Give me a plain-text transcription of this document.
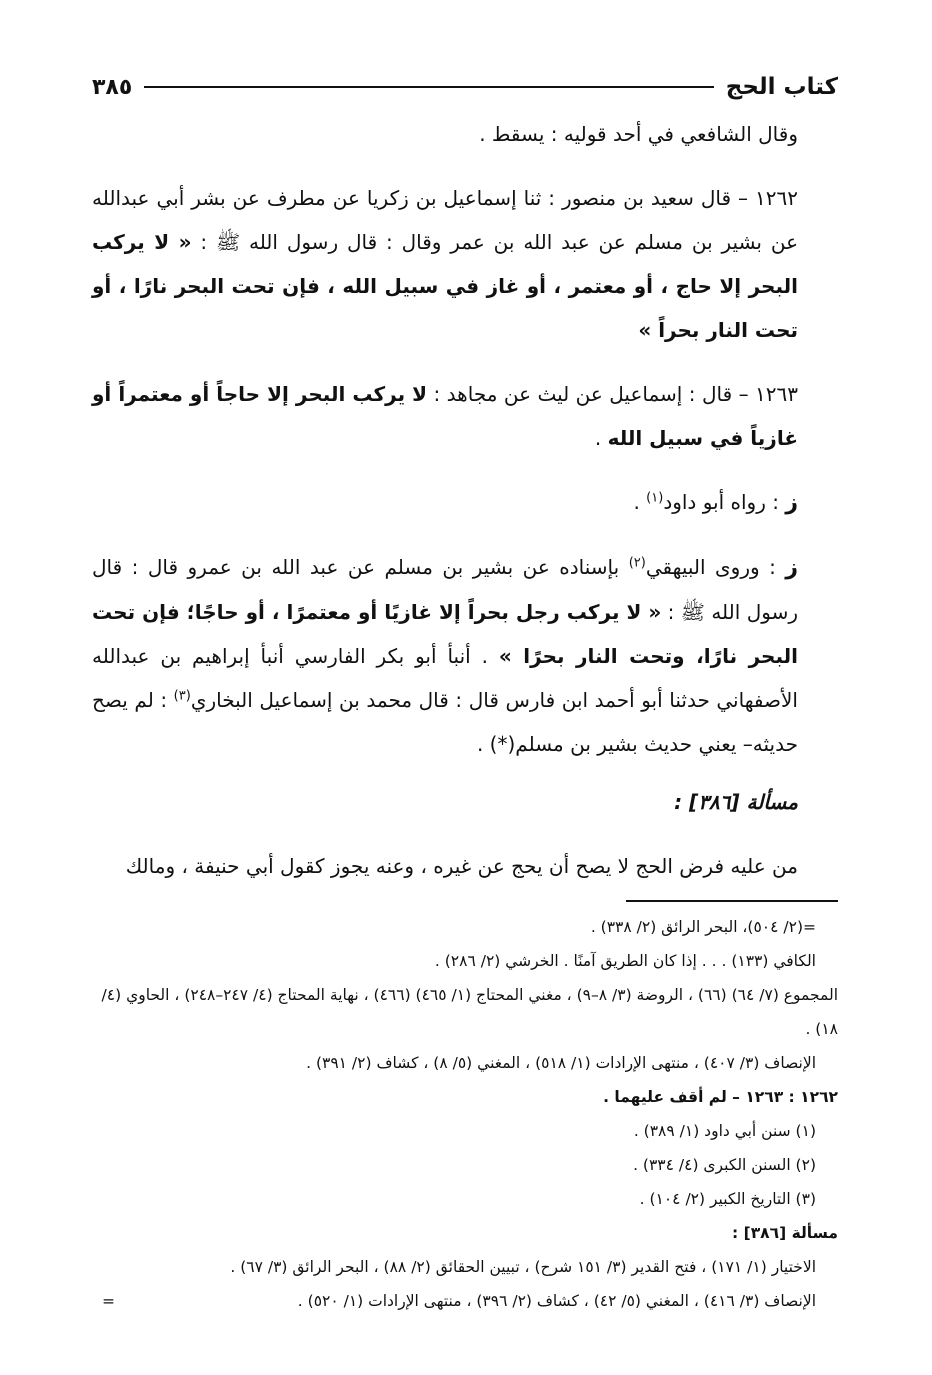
كتاب الحج
٣٨٥

وقال الشافعي في أحد قوليه : يسقط .

١٢٦٢ – قال سعيد بن منصور : ثنا إسماعيل بن زكريا عن مطرف عن بشر أبي عبدالله عن بشير بن مسلم عن عبد الله بن عمر وقال : قال رسول الله ﷺ : « لا يركب البحر إلا حاج ، أو معتمر ، أو غاز في سبيل الله ، فإن تحت البحر نارًا ، أو تحت النار بحراً »

١٢٦٣ – قال : إسماعيل عن ليث عن مجاهد : لا يركب البحر إلا حاجاً أو معتمراً أو غازياً في سبيل الله .

ز : رواه أبو داود$^{(١)}$ .

ز : وروى البيهقي$^{(٢)}$ بإسناده عن بشير بن مسلم عن عبد الله بن عمرو قال : قال رسول الله ﷺ : « لا يركب رجل بحراً إلا غازيًا أو معتمرًا ، أو حاجًا؛ فإن تحت البحر نارًا، وتحت النار بحرًا » . أنبأ أبو بكر الفارسي أنبأ إبراهيم بن عبدالله الأصفهاني حدثنا أبو أحمد ابن فارس قال : قال محمد بن إسماعيل البخاري$^{(٣)}$ : لم يصح حديثه– يعني حديث بشير بن مسلم(*) .

مسألة [٣٨٦] :

من عليه فرض الحج لا يصح أن يحج عن غيره ، وعنه يجوز كقول أبي حنيفة ، ومالك

=(٢/ ٥٠٤)، البحر الرائق (٢/ ٣٣٨) .

الكافي (١٣٣) . . . إذا كان الطريق آمنًا . الخرشي (٢/ ٢٨٦) .

المجموع (٧/ ٦٤) (٦٦) ، الروضة (٣/ ٨–٩) ، مغني المحتاج (١/ ٤٦٥) (٤٦٦) ، نهاية المحتاج (٤/ ٢٤٧–٢٤٨) ، الحاوي (٤/ ١٨) .

الإنصاف (٣/ ٤٠٧) ، منتهى الإرادات (١/ ٥١٨) ، المغني (٥/ ٨) ، كشاف (٢/ ٣٩١) .

١٢٦٢ : ١٢٦٣ – لم أقف عليهما .

(١) سنن أبي داود (١/ ٣٨٩) .

(٢) السنن الكبرى (٤/ ٣٣٤) .

(٣) التاريخ الكبير (٢/ ١٠٤) .

مسألة [٣٨٦] :

الاختيار (١/ ١٧١) ، فتح القدير (٣/ ١٥١ شرح) ، تبيين الحقائق (٢/ ٨٨) ، البحر الرائق (٣/ ٦٧) .

الإنصاف (٣/ ٤١٦) ، المغني (٥/ ٤٢) ، كشاف (٢/ ٣٩٦) ، منتهى الإرادات (١/ ٥٢٠) .
=
